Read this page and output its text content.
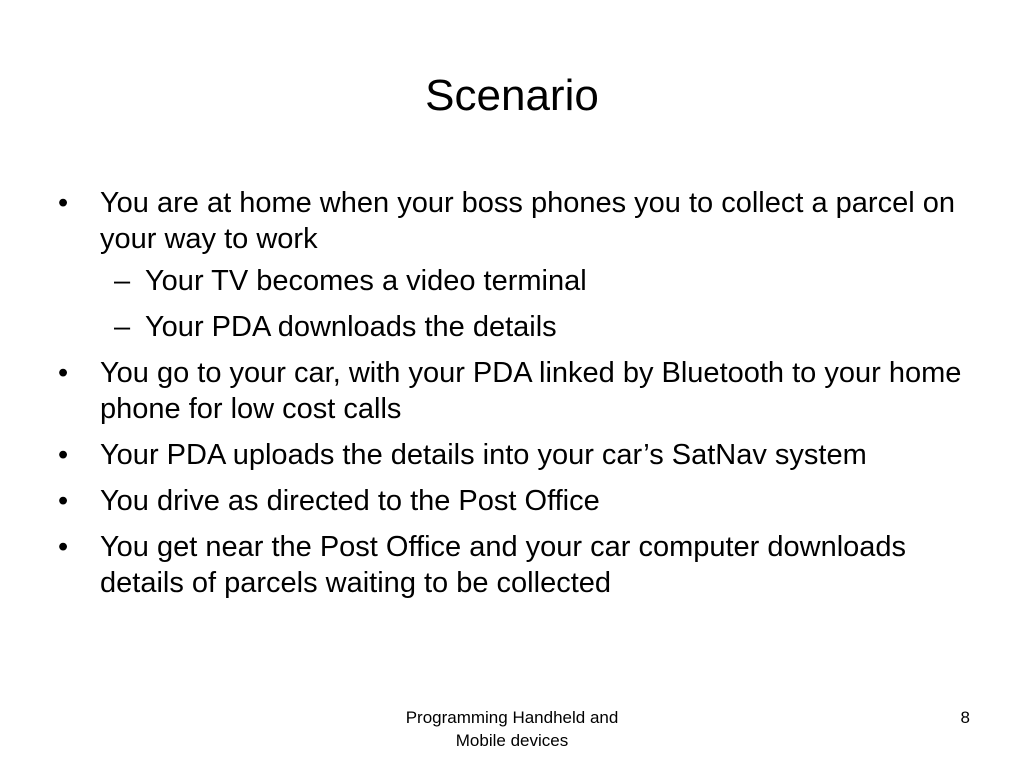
Scenario
•	You are at home when your boss phones you to collect a parcel on your way to work
– Your TV becomes a video terminal
– Your PDA downloads the details
•	You go to your car, with your PDA linked by Bluetooth to your home phone for low cost calls
•	Your PDA uploads the details into your car’s SatNav system
•	You drive as directed to the Post Office
•	You get near the Post Office and your car computer downloads details of parcels waiting to be collected
Programming Handheld and
Mobile devices
8
